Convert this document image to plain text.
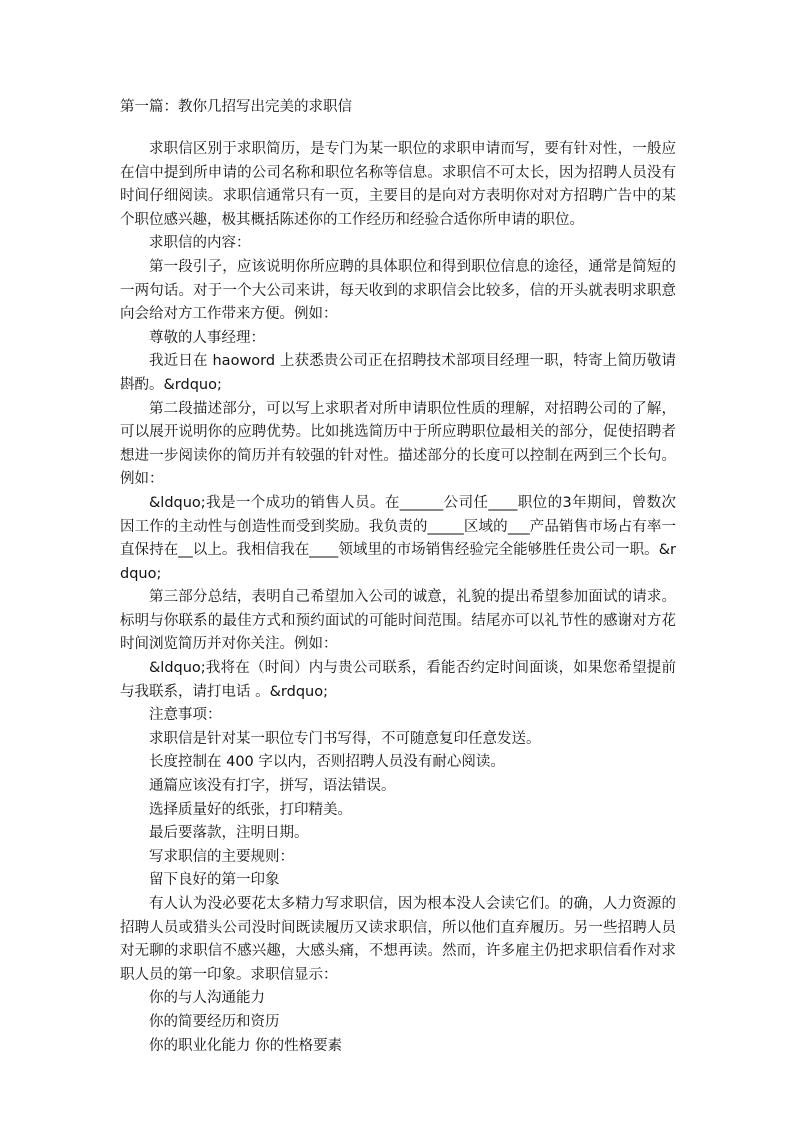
第一篇：教你几招写出完美的求职信

求职信区别于求职简历，是专门为某一职位的求职申请而写，要有针对性，一般应在信中提到所申请的公司名称和职位名称等信息。求职信不可太长，因为招聘人员没有时间仔细阅读。求职信通常只有一页，主要目的是向对方表明你对对方招聘广告中的某个职位感兴趣，极其概括陈述你的工作经历和经验合适你所申请的职位。

求职信的内容：

第一段引子，应该说明你所应聘的具体职位和得到职位信息的途径，通常是简短的一两句话。对于一个大公司来讲，每天收到的求职信会比较多，信的开头就表明求职意向会给对方工作带来方便。例如：

尊敬的人事经理：

我近日在 haoword 上获悉贵公司正在招聘技术部项目经理一职，特寄上简历敬请斟酌。&rdquo;

第二段描述部分，可以写上求职者对所申请职位性质的理解，对招聘公司的了解，可以展开说明你的应聘优势。比如挑选简历中于所应聘职位最相关的部分，促使招聘者想进一步阅读你的简历并有较强的针对性。描述部分的长度可以控制在两到三个长句。例如：

&ldquo;我是一个成功的销售人员。在______公司任____职位的3年期间，曾数次因工作的主动性与创造性而受到奖励。我负责的_____区域的___产品销售市场占有率一直保持在__以上。我相信我在____领域里的市场销售经验完全能够胜任贵公司一职。&rdquo;

第三部分总结，表明自己希望加入公司的诚意，礼貌的提出希望参加面试的请求。标明与你联系的最佳方式和预约面试的可能时间范围。结尾亦可以礼节性的感谢对方花时间浏览简历并对你关注。例如：

&ldquo;我将在（时间）内与贵公司联系，看能否约定时间面谈，如果您希望提前与我联系，请打电话 。&rdquo;

注意事项：

求职信是针对某一职位专门书写得，不可随意复印任意发送。

长度控制在 400 字以内，否则招聘人员没有耐心阅读。

通篇应该没有打字，拼写，语法错误。

选择质量好的纸张，打印精美。

最后要落款，注明日期。

写求职信的主要规则：

留下良好的第一印象

有人认为没必要花太多精力写求职信，因为根本没人会读它们。的确，人力资源的招聘人员或猎头公司没时间既读履历又读求职信，所以他们直弃履历。另一些招聘人员对无聊的求职信不感兴趣，大感头痛，不想再读。然而，许多雇主仍把求职信看作对求职人员的第一印象。求职信显示：

你的与人沟通能力

你的简要经历和资历

你的职业化能力 你的性格要素
